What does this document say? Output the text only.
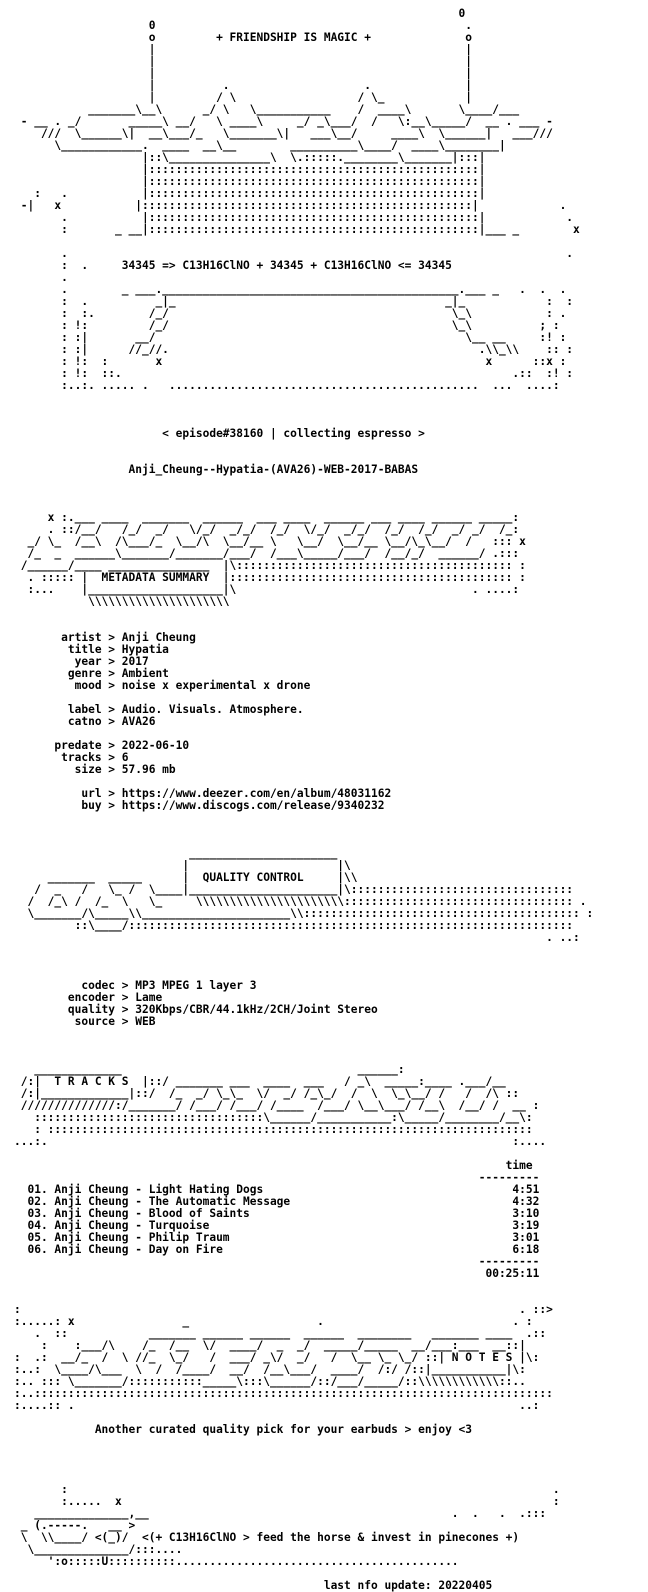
0
0                                              .
o         + FRIENDSHIP IS MAGIC +              o
|                                              |
|                                              |
|                                              |
|          .                    .              |
|         / \                  / \_            |
_______\__\      _/ \   \___________    /  ____\       \____/___
- __ . _/       _____\ __/   \ ____\     _/ _\___/  /   \:__\_____/  __ . ___ -
///  \______\|  __\___/_   \_______\|   ___\__/     ____\  \______|   ___///
\____________.  ____  __\__        __________\____/  ____\________|
|::\_______________\  \.:::::.________\_______|:::|
|:::::::::::::::::::::::::::::::::::::::::::::::::|
|:::::::::::::::::::::::::::::::::::::::::::::::::|
:   .           |:::::::::::::::::::::::::::::::::::::::::::::::::|
-|   x           |:::::::::::::::::::::::::::::::::::::::::::::::::|            .
.           |:::::::::::::::::::::::::::::::::::::::::::::::::|            .
:       _ __|:::::::::::::::::::::::::::::::::::::::::::::::::|___ _        x
.                                                                          .
:  .     34345 => C13H16ClNO + 34345 + C13H16ClNO <= 34345
.
.        _ ___.____________________________________________.___ _   .  .  .
:  .          _|_                                        _|_            :  :
:  :.        /_/                                          \_\           : .
: !:         /_/                                          \_\          ; :
: :|       __/                                              \__ __     :! :
: :|      //_//.                                              .\\_\\    :: :
: !:  :       x                                                x      ::x :
: !:  ::.                                                          .::  :! :
:..:. ..... .   ..............................................  ...  ....:
< episode#38160 | collecting espresso >
Anji_Cheung--Hypatia-(AVA26)-WEB-2017-BABAS
x :.___ ____  _______  ______  ___ ____  ______ ___ ____ ______ _____:
. ::/__/   /_/  _/   \/_/  _/_/  /_/  \/_/  _/_/  /_/  /_/  _/ _/  /_:
_/ \_  /__\  /\___/_  \__/\  \__/__ \   \__/  \__/__ \__/\_\__/  /   ::: x
/_  _  ______\_______/_______/___/  /___\_____/___/  /__/_/  ______/ .:::
/______/____ _______________  |\::::::::::::::::::::::::::::::::::::::::: :
. ::::: |  METADATA SUMMARY  |:::::::::::::::::::::::::::::::::::::::::: :
:...    |____________________|\                                   . ....:
\\\\\\\\\\\\\\\\\\\\\
artist > Anji Cheung
title > Hypatia
year > 2017
genre > Ambient
mood > noise x experimental x drone
label > Audio. Visuals. Atmosphere.
catno > AVA26
predate > 2022-06-10
tracks > 6
size > 57.96 mb
url > https://www.deezer.com/en/album/48031162
buy > https://www.discogs.com/release/9340232
______________________
|                      |\
_______  _____      |  QUALITY CONTROL     |\\
/  _   /   \_ /  \____|______________________|\:::::::::::::::::::::::::::::::::
/  /_\ /  /_  \   \_     \\\\\\\\\\\\\\\\\\\\\\:::::::::::::::::::::::::::::::::: .
\_______/\_____\\______________________\\::::::::::::::::::::::::::::::::::::::::: :
::\____/::::::::::::::::::::::::::::::::::::::::::::::::::::::::::::::::::
. ..:
codec > MP3 MPEG 1 layer 3
encoder > Lame
quality > 320Kbps/CBR/44.1kHz/2CH/Joint Stereo
source > WEB
_____________                                   ______:
/:|  T R A C K S  |::/ _______ ___  ____  ___   / _\  _____:____ .___/__
/:|_____________|::/  /_  _/ \_\_  \/  _/ /_\_/  /  \  \_\__/ /   /  /\ ::
//////////////:/_______/ /___/ /___/ /____  /___/ \__\___/ /__\  /__/ /  __ :
::::::::::::::::::::::::::::::::::\______/___________:\_____/________/__\:
: ::::::::::::::::::::::::::::::::::::::::::::::::::::::::::::::::::::::::
...:.                                                                     :....
time
---------
01. Anji Cheung - Light Hating Dogs                                     4:51
02. Anji Cheung - The Automatic Message                                 4:32
03. Anji Cheung - Blood of Saints                                       3:10
04. Anji Cheung - Turquoise                                             3:19
05. Anji Cheung - Philip Traum                                          3:01
06. Anji Cheung - Day on Fire                                           6:18
---------
00:25:11
:                                                                          . ::>
:.....: x                _                   .                            . :
.  ::            _______ ______ ______  ______  ________   _______ ____  .::
:    :___/\    /_  /__  \/  ____/  _  _/  _____/_____  __/___:___  __::|
:  .:  __/_  /  \ //_  \_/   /  ___/ _\/  _/   /  \__ \_ \_/ ::| N O T E S |\:
:..:  \____/\___  \  /  /____/  __/  /__\___/  ____/  /:/ /::|___________|\:
:.. ::: \_______/:::::::::::_____\:::\______/::/___/_____/::\\\\\\\\\\\\::..
:..:::::::::::::::::::::::::::::::::::::::::::::::::::::::::::::::::::::::::::::
:....:: .                                                                  ..:
Another curated quality pick for your earbuds > enjoy <3
:                                                                        .
:.....  x                                                                :
______________,__                                             .  .   .  .:::
_ (.-----.   __ >
\  \\____/ <(_)/  <(+ C13H16ClNO > feed the horse & invest in pinecones +)
\______________/:::....
':o:::::U::::::::::..........................................
last nfo update: 20220405
